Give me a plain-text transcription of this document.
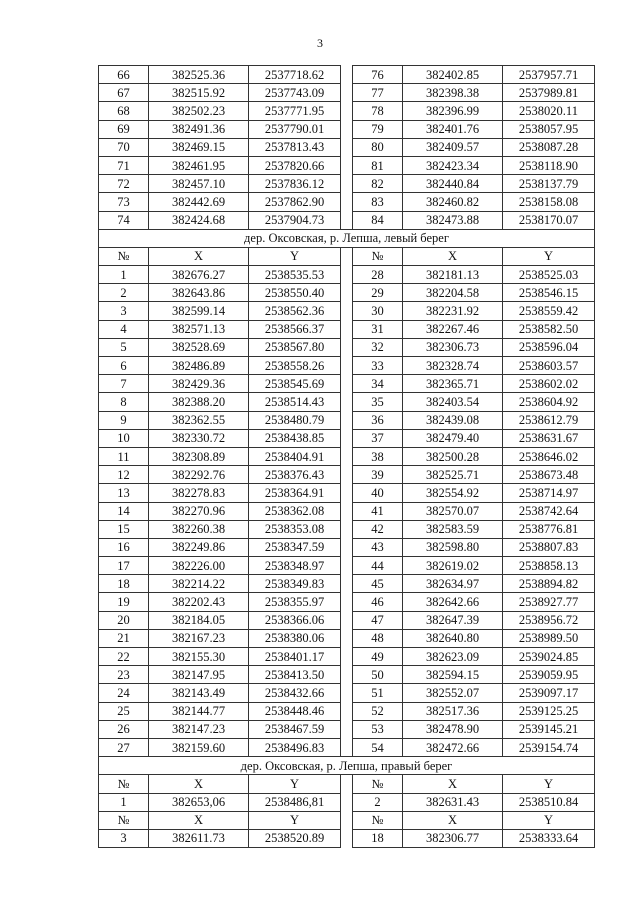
3
66	382525.36	2537718.62		76	382402.85	2537957.71
67	382515.92	2537743.09		77	382398.38	2537989.81
68	382502.23	2537771.95		78	382396.99	2538020.11
69	382491.36	2537790.01		79	382401.76	2538057.95
70	382469.15	2537813.43		80	382409.57	2538087.28
71	382461.95	2537820.66		81	382423.34	2538118.90
72	382457.10	2537836.12		82	382440.84	2538137.79
73	382442.69	2537862.90		83	382460.82	2538158.08
74	382424.68	2537904.73		84	382473.88	2538170.07
дер. Оксовская, р. Лепша, левый берег						
№	X	Y		№	X	Y
1	382676.27	2538535.53		28	382181.13	2538525.03
2	382643.86	2538550.40		29	382204.58	2538546.15
3	382599.14	2538562.36		30	382231.92	2538559.42
4	382571.13	2538566.37		31	382267.46	2538582.50
5	382528.69	2538567.80		32	382306.73	2538596.04
6	382486.89	2538558.26		33	382328.74	2538603.57
7	382429.36	2538545.69		34	382365.71	2538602.02
8	382388.20	2538514.43		35	382403.54	2538604.92
9	382362.55	2538480.79		36	382439.08	2538612.79
10	382330.72	2538438.85		37	382479.40	2538631.67
11	382308.89	2538404.91		38	382500.28	2538646.02
12	382292.76	2538376.43		39	382525.71	2538673.48
13	382278.83	2538364.91		40	382554.92	2538714.97
14	382270.96	2538362.08		41	382570.07	2538742.64
15	382260.38	2538353.08		42	382583.59	2538776.81
16	382249.86	2538347.59		43	382598.80	2538807.83
17	382226.00	2538348.97		44	382619.02	2538858.13
18	382214.22	2538349.83		45	382634.97	2538894.82
19	382202.43	2538355.97		46	382642.66	2538927.77
20	382184.05	2538366.06		47	382647.39	2538956.72
21	382167.23	2538380.06		48	382640.80	2538989.50
22	382155.30	2538401.17		49	382623.09	2539024.85
23	382147.95	2538413.50		50	382594.15	2539059.95
24	382143.49	2538432.66		51	382552.07	2539097.17
25	382144.77	2538448.46		52	382517.36	2539125.25
26	382147.23	2538467.59		53	382478.90	2539145.21
27	382159.60	2538496.83		54	382472.66	2539154.74
дер. Оксовская, р. Лепша, правый берег						
№	X	Y		№	X	Y
1	382653,06	2538486,81		2	382631.43	2538510.84
№	X	Y		№	X	Y
3	382611.73	2538520.89		18	382306.77	2538333.64
